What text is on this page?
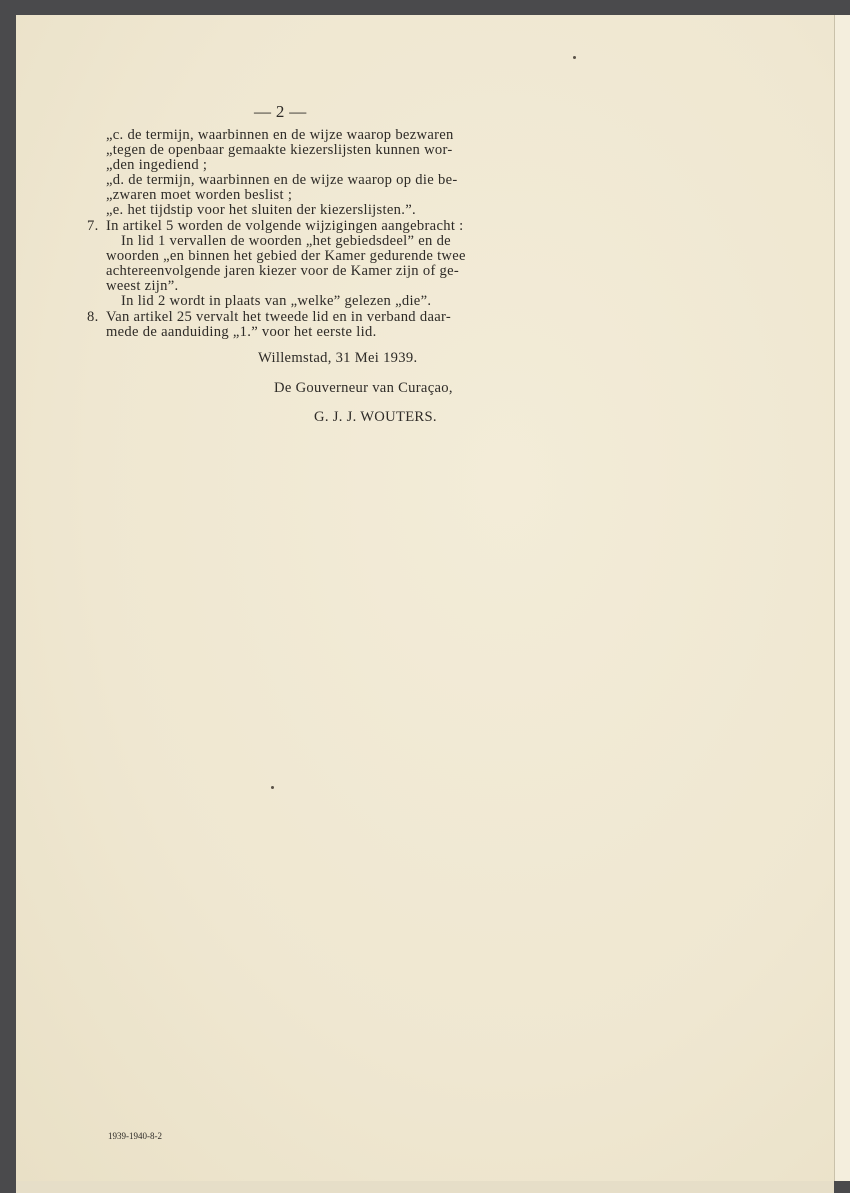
— 2 —
„c. de termijn, waarbinnen en de wijze waarop bezwaren
„tegen de openbaar gemaakte kiezerslijsten kunnen wor-
„den ingediend ;
„d. de termijn, waarbinnen en de wijze waarop op die be-
„zwaren moet worden beslist ;
„e. het tijdstip voor het sluiten der kiezerslijsten.”.
7. In artikel 5 worden de volgende wijzigingen aangebracht :
In lid 1 vervallen de woorden „het gebiedsdeel” en de
woorden „en binnen het gebied der Kamer gedurende twee
achtereenvolgende jaren kiezer voor de Kamer zijn of ge-
weest zijn”.
In lid 2 wordt in plaats van „welke” gelezen „die”.
8. Van artikel 25 vervalt het tweede lid en in verband daar-
mede de aanduiding „1.” voor het eerste lid.
Willemstad, 31 Mei 1939.
De Gouverneur van Curaçao,
G. J. J. WOUTERS.
1939-1940-8-2
